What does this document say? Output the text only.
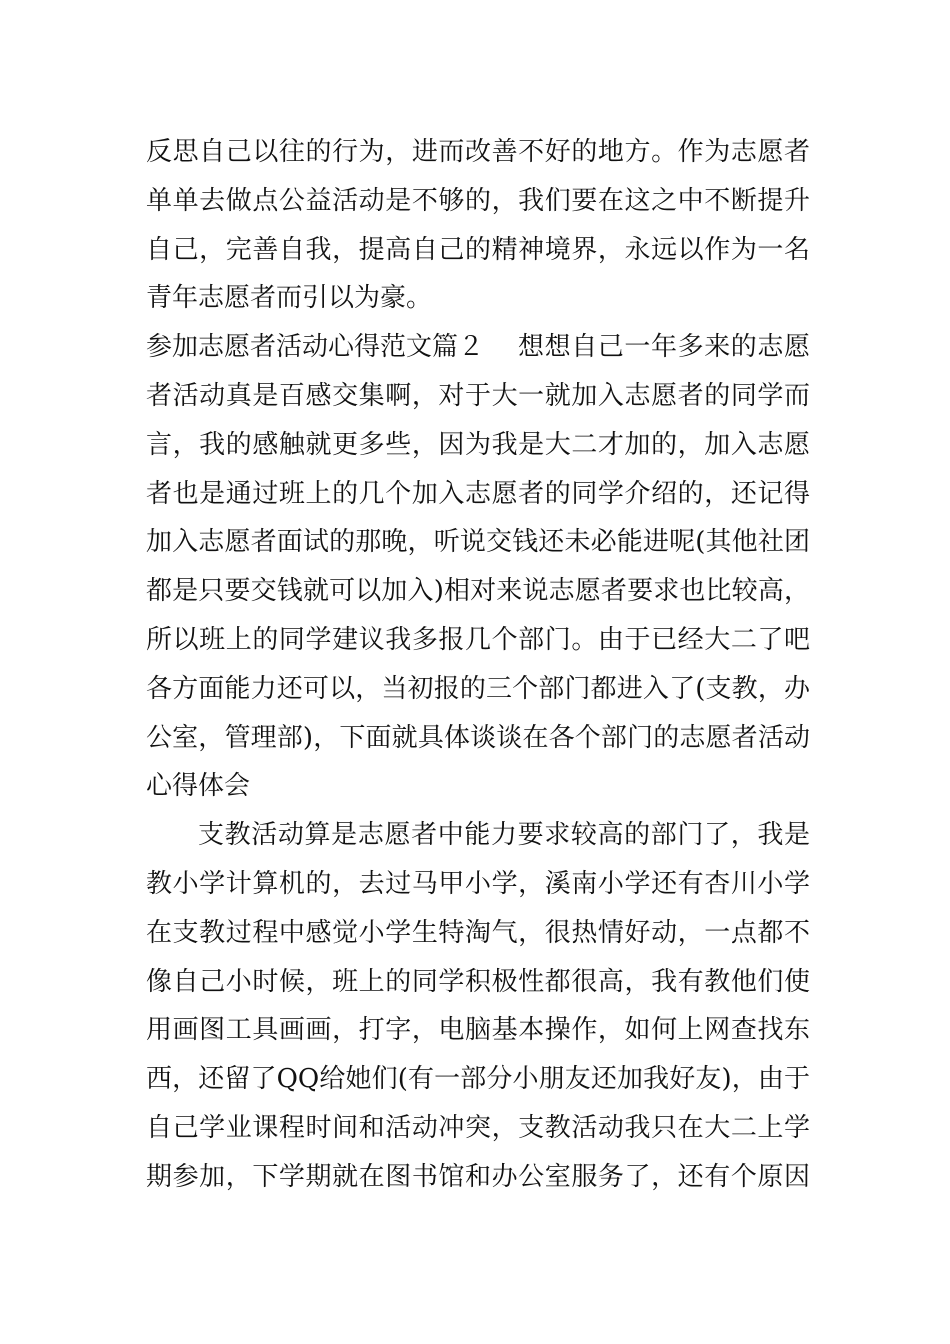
反思自己以往的行为，进而改善不好的地方。作为志愿者
单单去做点公益活动是不够的，我们要在这之中不断提升
自己，完善自我，提高自己的精神境界，永远以作为一名
青年志愿者而引以为豪。
参加志愿者活动心得范文篇２	想想自己一年多来的志愿
者活动真是百感交集啊，对于大一就加入志愿者的同学而
言，我的感触就更多些，因为我是大二才加的，加入志愿
者也是通过班上的几个加入志愿者的同学介绍的，还记得
加入志愿者面试的那晚，听说交钱还未必能进呢(其他社团
都是只要交钱就可以加入)相对来说志愿者要求也比较高，
所以班上的同学建议我多报几个部门。由于已经大二了吧
各方面能力还可以，当初报的三个部门都进入了(支教，办
公室，管理部)，下面就具体谈谈在各个部门的志愿者活动
心得体会
支教活动算是志愿者中能力要求较高的部门了，我是
教小学计算机的，去过马甲小学，溪南小学还有杏川小学
在支教过程中感觉小学生特淘气，很热情好动，一点都不
像自己小时候，班上的同学积极性都很高，我有教他们使
用画图工具画画，打字，电脑基本操作，如何上网查找东
西，还留了QQ给她们(有一部分小朋友还加我好友)，由于
自己学业课程时间和活动冲突，支教活动我只在大二上学
期参加，下学期就在图书馆和办公室服务了，还有个原因
